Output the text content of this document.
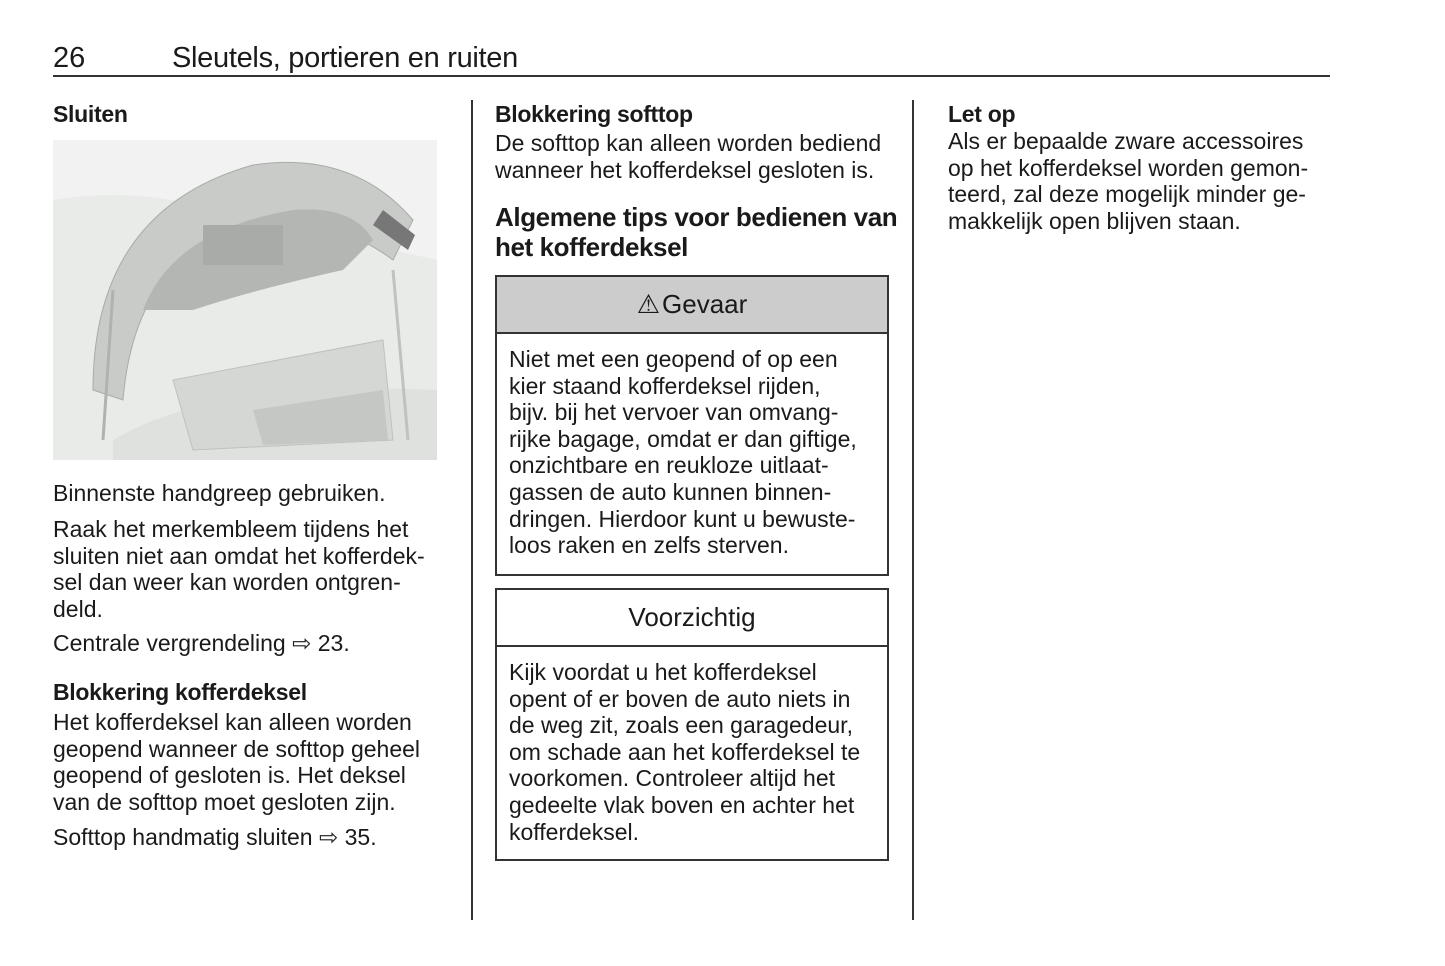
26	Sleutels, portieren en ruiten
Sluiten

Binnenste handgreep gebruiken.

Raak het merkembleem tijdens het
sluiten niet aan omdat het kofferdek-
sel dan weer kan worden ontgren-
deld.

Centrale vergrendeling ⇨ 23.

Blokkering kofferdeksel

Het kofferdeksel kan alleen worden
geopend wanneer de softtop geheel
geopend of gesloten is. Het deksel
van de softtop moet gesloten zijn.

Softtop handmatig sluiten ⇨ 35.

Blokkering softtop

De softtop kan alleen worden bediend
wanneer het kofferdeksel gesloten is.

Algemene tips voor bedienen van
het kofferdeksel
⚠ Gevaar
Niet met een geopend of op een
kier staand kofferdeksel rijden,
bijv. bij het vervoer van omvang-
rijke bagage, omdat er dan giftige,
onzichtbare en reukloze uitlaat-
gassen de auto kunnen binnen-
dringen. Hierdoor kunt u bewuste-
loos raken en zelfs sterven.
Voorzichtig
Kijk voordat u het kofferdeksel
opent of er boven de auto niets in
de weg zit, zoals een garagedeur,
om schade aan het kofferdeksel te
voorkomen. Controleer altijd het
gedeelte vlak boven en achter het
kofferdeksel.
Let op

Als er bepaalde zware accessoires
op het kofferdeksel worden gemon-
teerd, zal deze mogelijk minder ge-
makkelijk open blijven staan.
